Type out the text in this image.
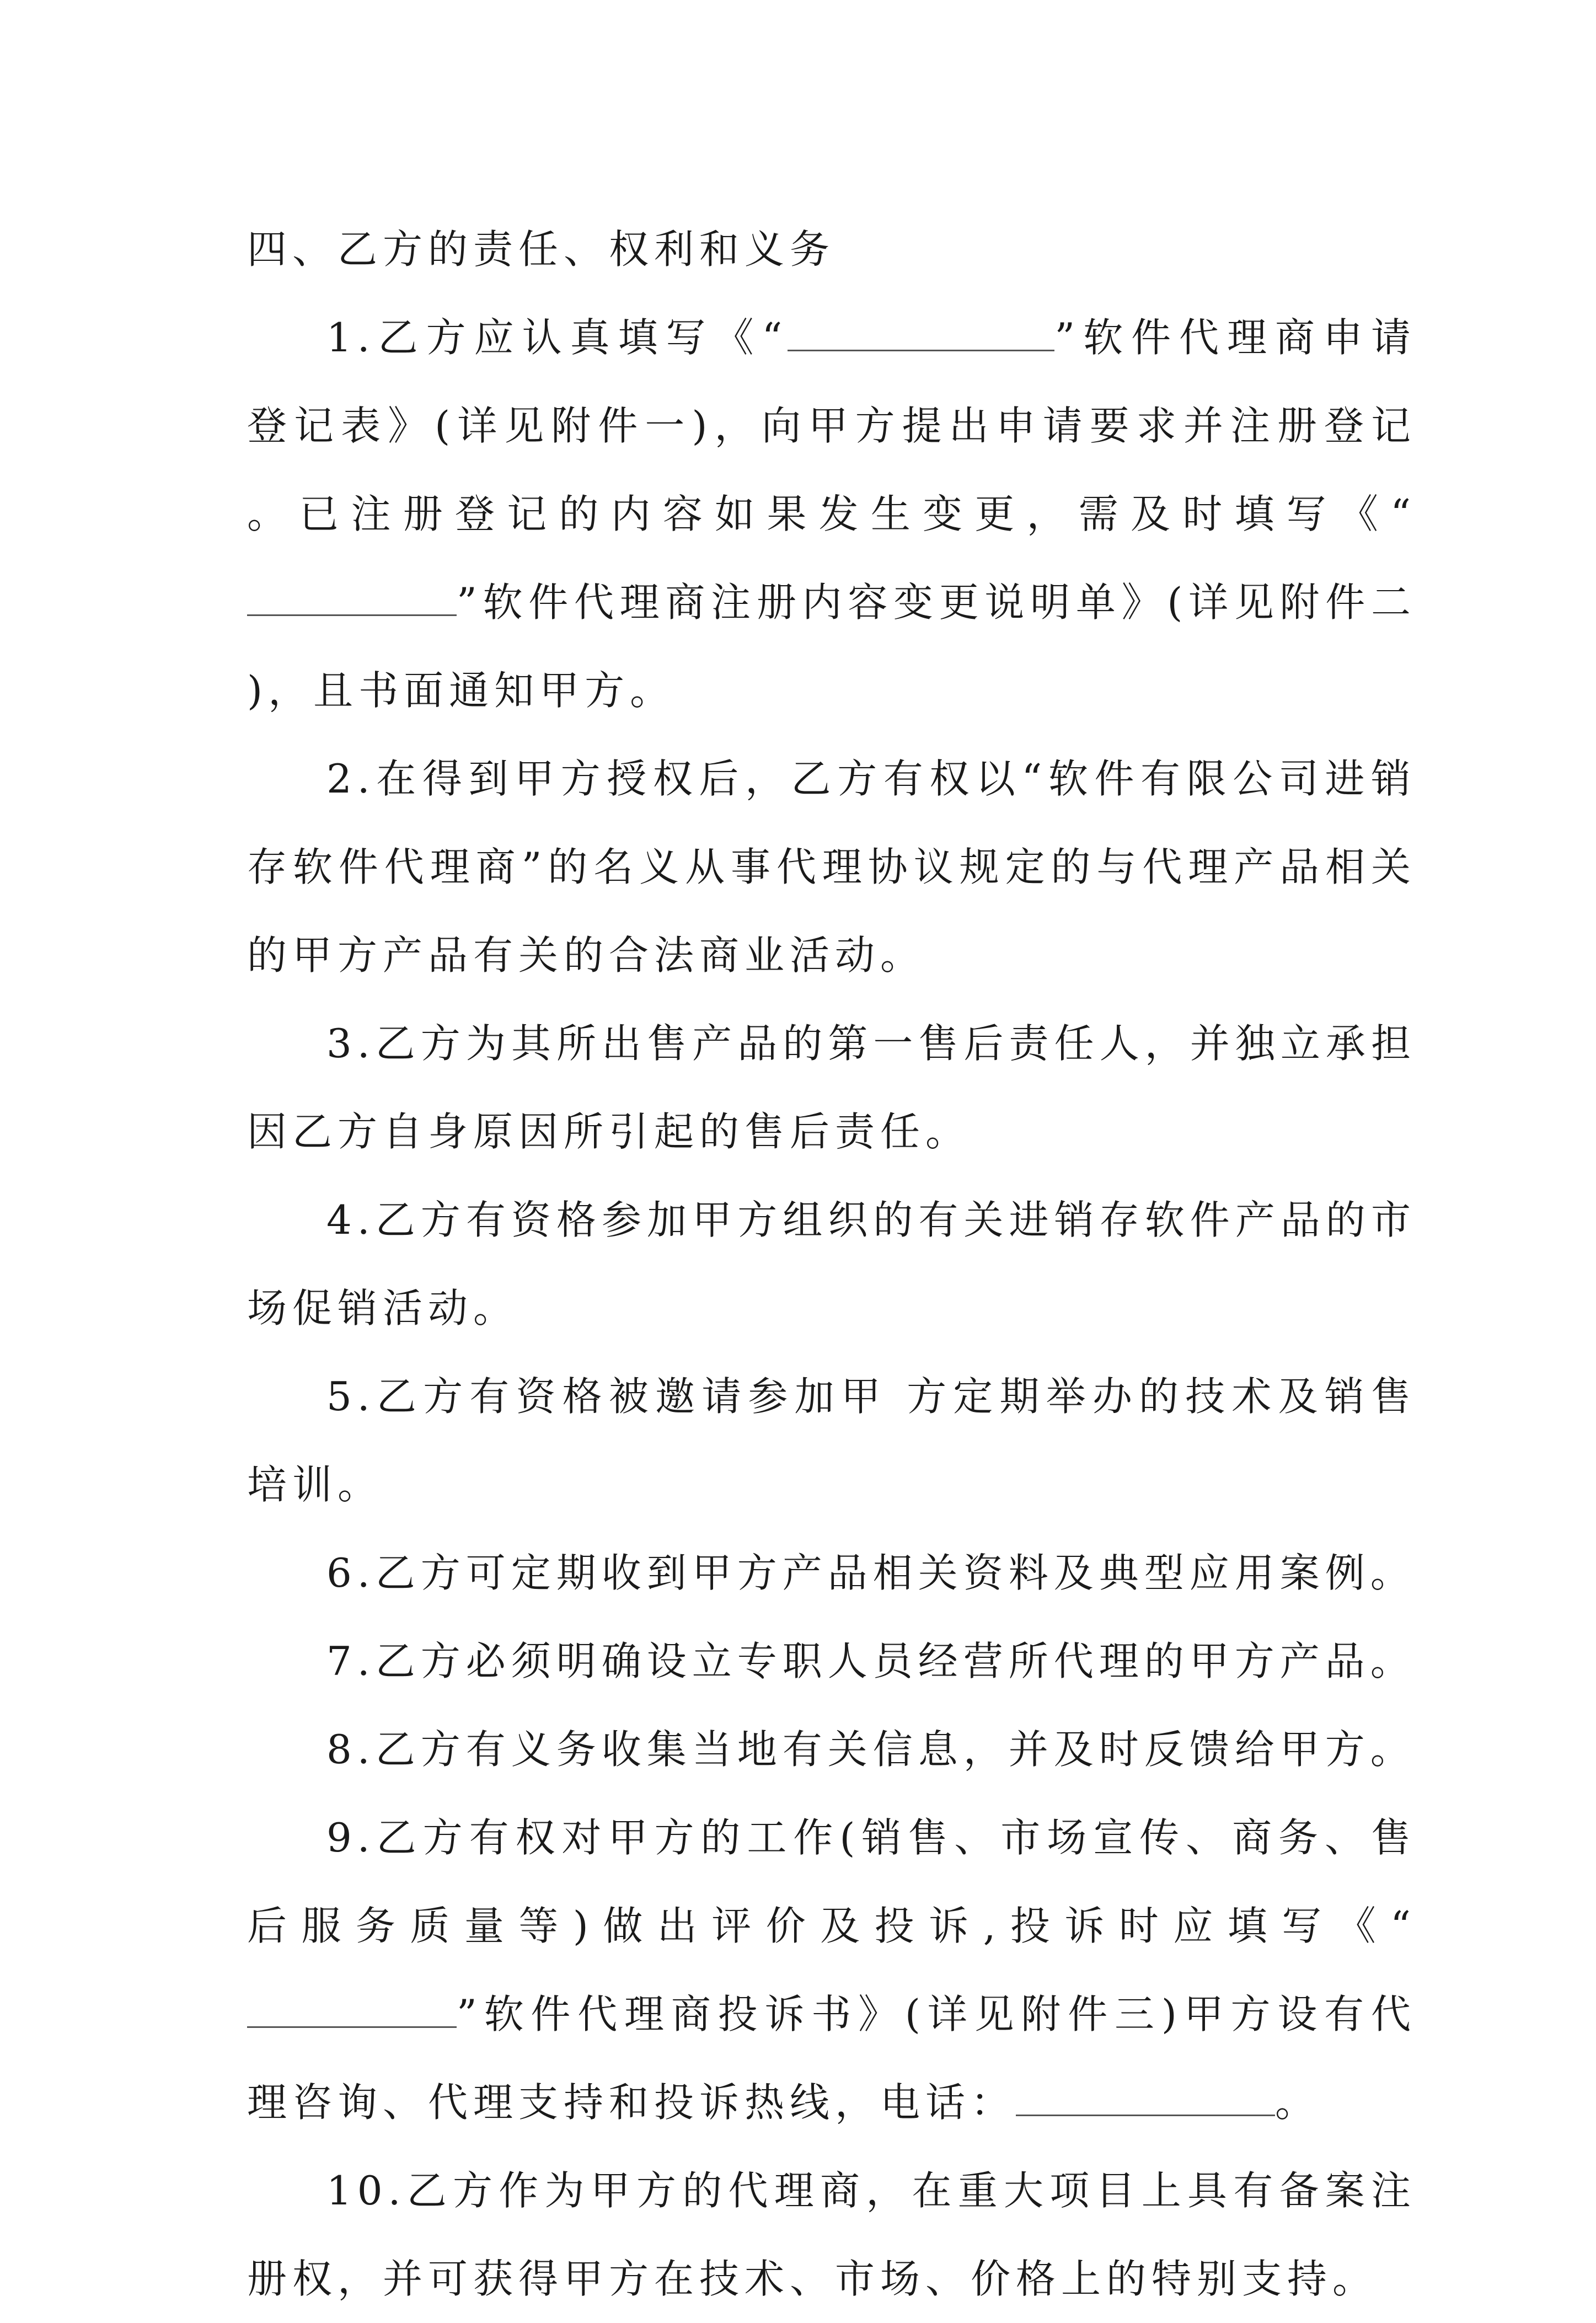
四、乙方的责任、权利和义务

1.乙方应认真填写《“	”软件代理商申请登记表》(详见附件一)，向甲方提出申请要求并注册登记。已注册登记的内容如果发生变更，需及时填写《“”软件代理商注册内容变更说明单》(详见附件二)，且书面通知甲方。

2.在得到甲方授权后，乙方有权以“软件有限公司进销存软件代理商”的名义从事代理协议规定的与代理产品相关的甲方产品有关的合法商业活动。

3.乙方为其所出售产品的第一售后责任人，并独立承担因乙方自身原因所引起的售后责任。

4.乙方有资格参加甲方组织的有关进销存软件产品的市场促销活动。

5.乙方有资格被邀请参加甲 方定期举办的技术及销售培训。

6.乙方可定期收到甲方产品相关资料及典型应用案例。

7.乙方必须明确设立专职人员经营所代理的甲方产品。

8.乙方有义务收集当地有关信息，并及时反馈给甲方。

9.乙方有权对甲方的工作(销售、市场宣传、商务、售后服务质量等)做出评价及投诉,投诉时应填写《“”软件代理商投诉书》(详见附件三)甲方设有代理咨询、代理支持和投诉热线，电话：	。

10.乙方作为甲方的代理商，在重大项目上具有备案注册权，并可获得甲方在技术、市场、价格上的特别支持。
